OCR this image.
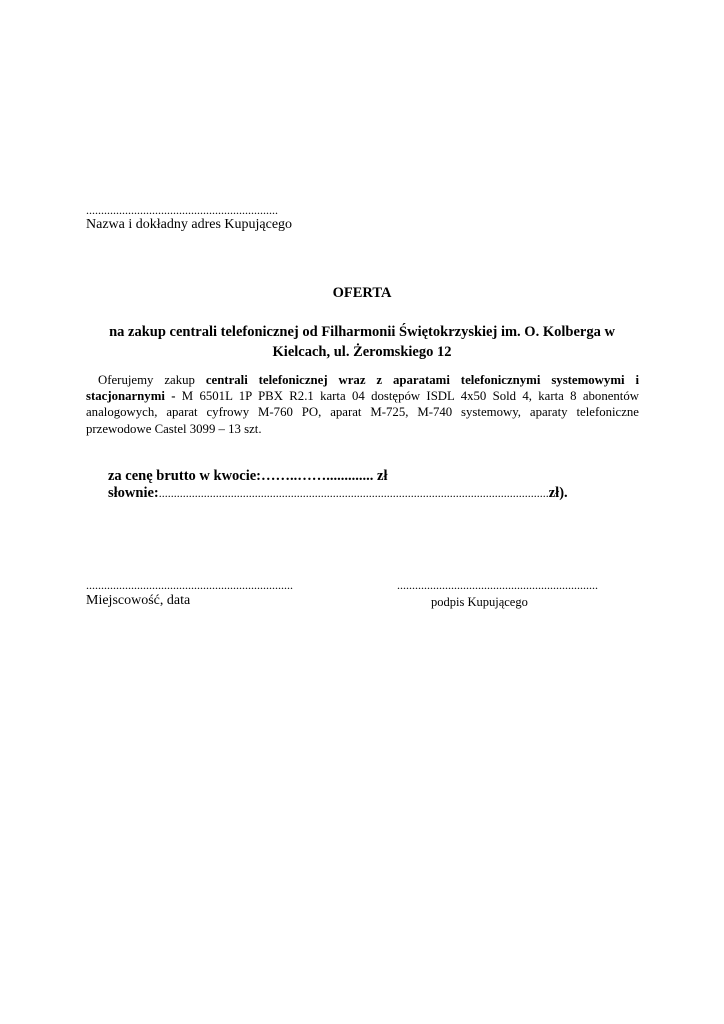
................................................................
Nazwa i dokładny adres Kupującego
OFERTA
na zakup centrali telefonicznej od Filharmonii Świętokrzyskiej im. O. Kolberga w Kielcach, ul. Żeromskiego 12
Oferujemy zakup centrali telefonicznej wraz z aparatami telefonicznymi systemowymi i stacjonarnymi - M 6501L 1P PBX R2.1 karta 04 dostępów ISDL 4x50 Sold 4, karta 8 abonentów analogowych, aparat cyfrowy M-760 PO, aparat M-725, M-740 systemowy, aparaty telefoniczne przewodowe Castel 3099 – 13 szt.
za cenę brutto w kwocie:……..……............. zł
słownie:..................................................................................................................................zł).
.....................................................................
Miejscowość, data
...................................................................
podpis Kupującego
